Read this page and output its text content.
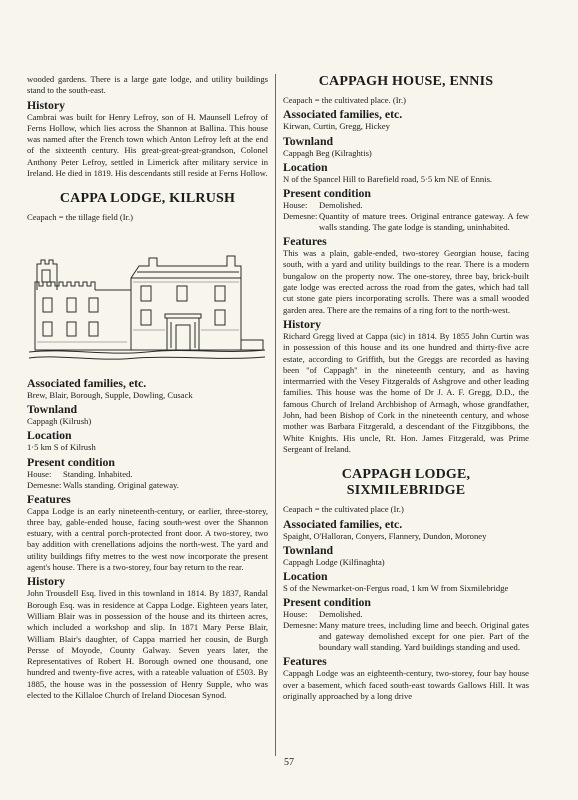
wooded gardens. There is a large gate lodge, and utility buildings stand to the south-east.

History

Cambrai was built for Henry Lefroy, son of H. Maunsell Lefroy of Ferns Hollow, which lies across the Shannon at Ballina. This house was named after the French town which Anton Lefroy left at the end of the sixteenth century. His great-great-great-grandson, Colonel Anthony Peter Lefroy, settled in Limerick after military service in Ireland. He died in 1819. His descendants still reside at Ferns Hollow.

CAPPA LODGE, KILRUSH

Ceapach = the tillage field (Ir.)

Associated families, etc.

Brew, Blair, Borough, Supple, Dowling, Cusack

Townland

Cappagh (Kilrush)

Location

1·5 km S of Kilrush

Present condition
House:	Standing. Inhabited.
Demesne: Walls standing. Original gateway.
Features

Cappa Lodge is an early nineteenth-century, or earlier, three-storey, three bay, gable-ended house, facing south-west over the Shannon estuary, with a central porch-protected front door. A two-storey, two bay addition with crenellations adjoins the north-west. The yard and utility buildings fifty metres to the west now incorporate the present agent's house. There is a two-storey, four bay return to the rear.

History

John Trousdell Esq. lived in this townland in 1814. By 1837, Randal Borough Esq. was in residence at Cappa Lodge. Eighteen years later, William Blair was in possession of the house and its thirteen acres, which included a workshop and slip. In 1871 Mary Perse Blair, William Blair's daughter, of Cappa married her cousin, de Burgh Persse of Moyode, County Galway. Seven years later, the Representatives of Robert H. Borough owned one thousand, one hundred and twenty-five acres, with a rateable valuation of £503. By 1885, the house was in the possession of Henry Supple, who was elected to the Killaloe Church of Ireland Diocesan Synod.

CAPPAGH HOUSE, ENNIS

Ceapach = the cultivated place. (Ir.)

Associated families, etc.

Kirwan, Curtin, Gregg, Hickey

Townland

Cappagh Beg (Kilraghtis)

Location

N of the Spancel Hill to Barefield road, 5·5 km NE of Ennis.

Present condition
House:	Demolished.
Demesne: Quantity of mature trees. Original entrance gateway. A few walls standing. The gate lodge is standing, uninhabited.
Features

This was a plain, gable-ended, two-storey Georgian house, facing south, with a yard and utility buildings to the rear. There is a modern bungalow on the property now. The one-storey, three bay, brick-built gate lodge was erected across the road from the gates, which had tall cut stone gate piers incorporating scrolls. There was a small wooded garden area. There are the remains of a ring fort to the north-west.

History

Richard Gregg lived at Cappa (sic) in 1814. By 1855 John Curtin was in possession of this house and its one hundred and thirty-five acre estate, according to Griffith, but the Greggs are recorded as having been "of Cappagh" in the nineteenth century, and as having intermarried with the Vesey Fitzgeralds of Ashgrove and other leading families. This house was the home of Dr J. A. F. Gregg, D.D., the famous Church of Ireland Archbishop of Armagh, whose grandfather, John, had been Bishop of Cork in the nineteenth century, and whose mother was Barbara Fitzgerald, a descendant of the Fitzgibbons, the White Knights. His uncle, Rt. Hon. James Fitzgerald, was Prime Sergeant of Ireland.

CAPPAGH LODGE,
SIXMILEBRIDGE

Ceapach = the cultivated place (Ir.)

Associated families, etc.

Spaight, O'Halloran, Conyers, Flannery, Dundon, Moroney

Townland

Cappagh Lodge (Kilfinaghta)

Location

S of the Newmarket-on-Fergus road, 1 km W from Sixmilebridge

Present condition
House:	Demolished.
Demesne: Many mature trees, including lime and beech. Original gates and gateway demolished except for one pier. Part of the boundary wall standing. Yard buildings standing and used.
Features

Cappagh Lodge was an eighteenth-century, two-storey, four bay house over a basement, which faced south-east towards Gallows Hill. It was originally approached by a long drive

57
